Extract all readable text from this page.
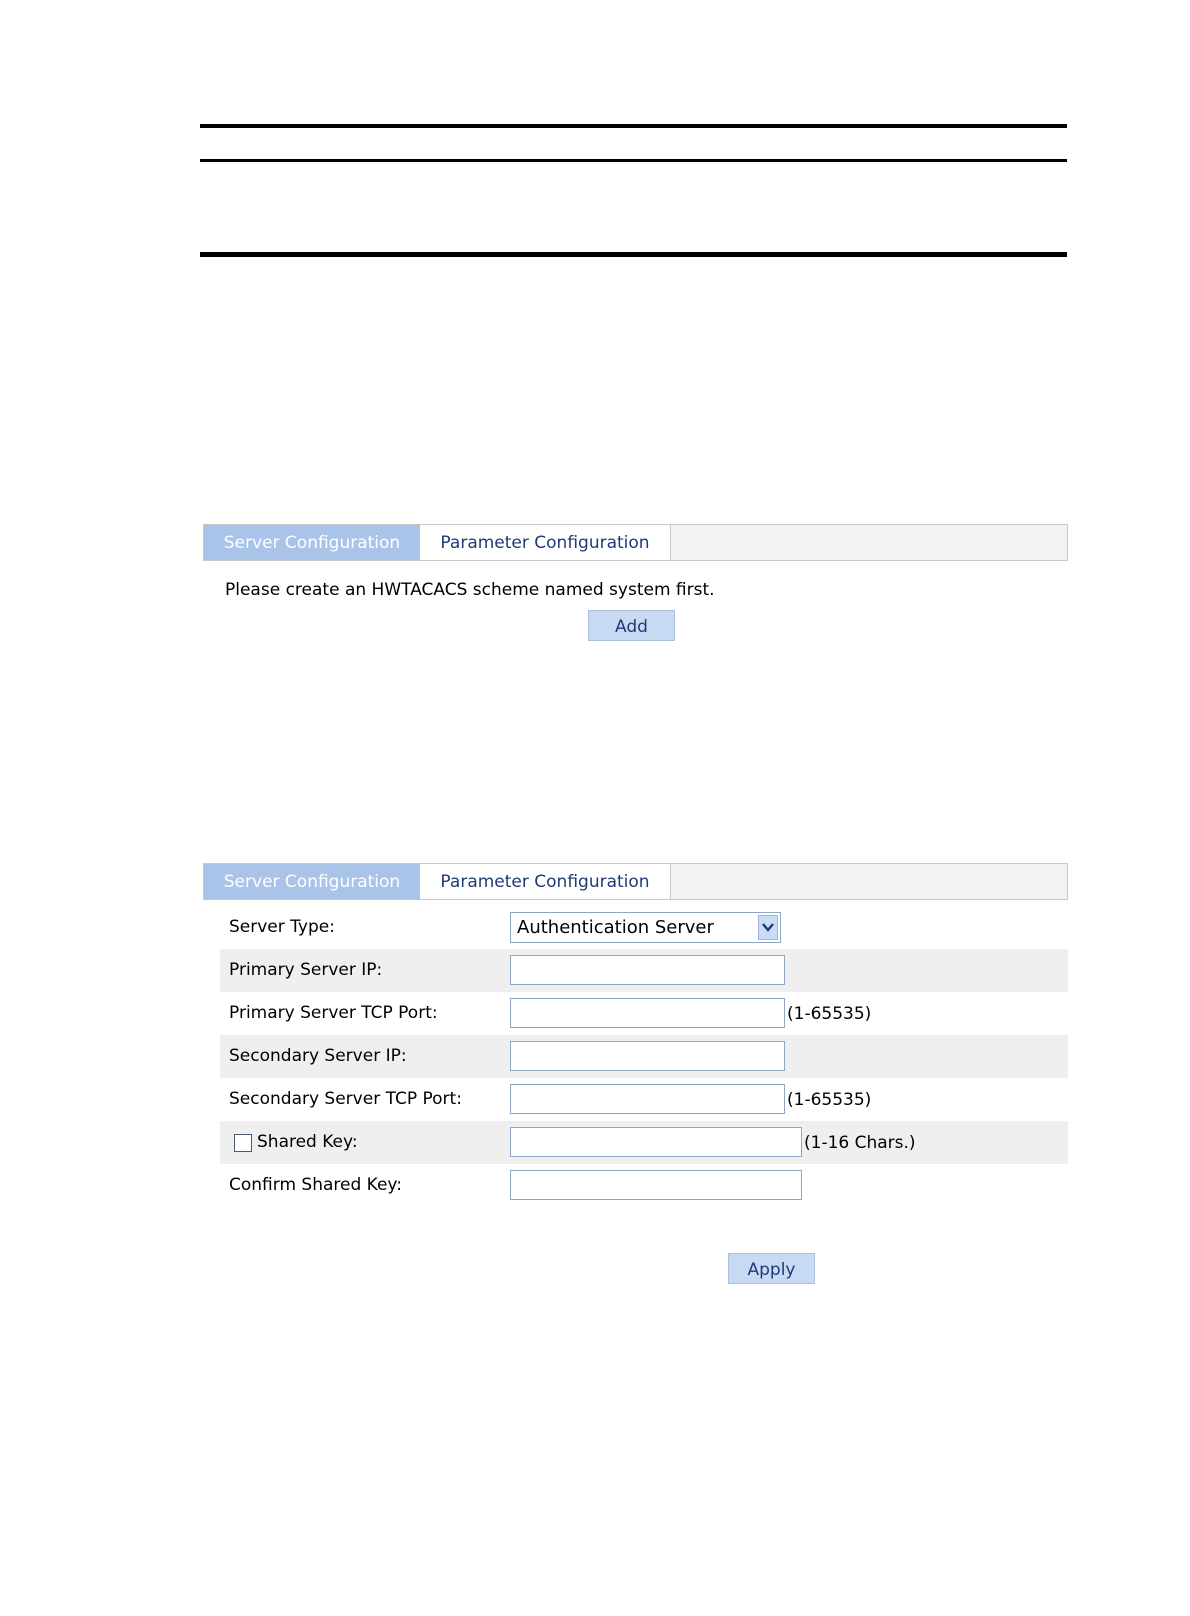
Server Configuration	Parameter Configuration
Please create an HWTACACS scheme named system first.
Add
Server Configuration	Parameter Configuration
Server Type:	Authentication Server
Primary Server IP:
Primary Server TCP Port:	(1-65535)
Secondary Server IP:
Secondary Server TCP Port:	(1-65535)
Shared Key:	(1-16 Chars.)
Confirm Shared Key:
Apply
